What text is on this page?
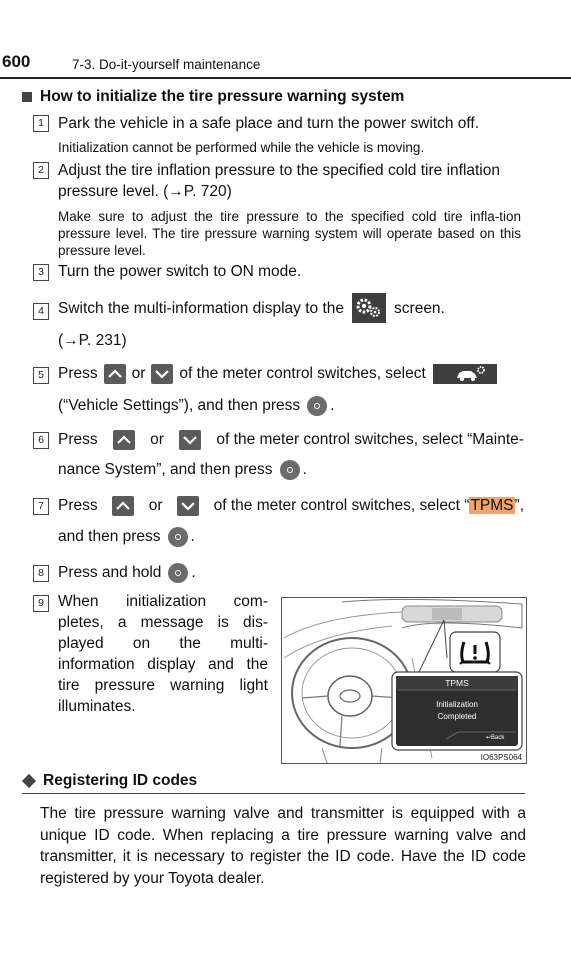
600	7-3. Do-it-yourself maintenance
How to initialize the tire pressure warning system
1 Park the vehicle in a safe place and turn the power switch off.
Initialization cannot be performed while the vehicle is moving.
2 Adjust the tire inflation pressure to the specified cold tire inflation
pressure level. (→P. 720)
Make sure to adjust the tire pressure to the specified cold tire infla-tion pressure level. The tire pressure warning system will operate based on this pressure level.
3 Turn the power switch to ON mode.
4 Switch the multi-information display to the	screen.
(→P. 231)
5 Press or of the meter control switches, select
(“Vehicle Settings”), and then press .
6 Press	or	of the meter control switches, select “Mainte-
nance System”, and then press .
7 Press	or	of the meter control switches, select “TPMS”,
and then press .
8 Press and hold .
9 When initialization com-
pletes, a message is dis-
played on the multi-
information display and the
tire pressure warning light
illuminates.
TPMS
Initialization
Completed
↩Back
IO63PS064
Registering ID codes
The tire pressure warning valve and transmitter is equipped with a unique ID code. When replacing a tire pressure warning valve and transmitter, it is necessary to register the ID code. Have the ID code registered by your Toyota dealer.
